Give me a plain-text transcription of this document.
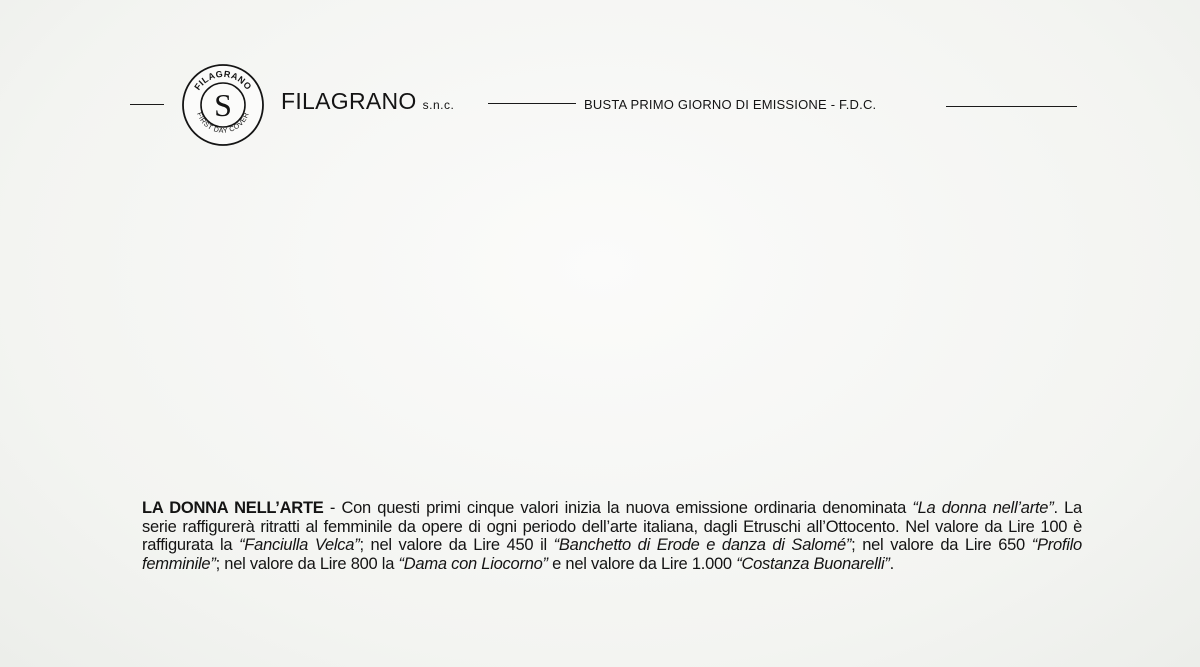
FILAGRANO
FIRST DAY COVER
S FILAGRANO s.n.c.	BUSTA PRIMO GIORNO DI EMISSIONE - F.D.C.
LA DONNA NELL’ARTE - Con questi primi cinque valori inizia la nuova emissione ordinaria denominata “La donna nell’arte”. La serie raffigurerà ritratti al femminile da opere di ogni periodo dell’arte italiana, dagli Etruschi all’Ottocento. Nel valore da Lire 100 è raffigurata la “Fanciulla Velca”; nel valore da Lire 450 il “Banchetto di Erode e danza di Salomé”; nel valore da Lire 650 “Profilo femminile”; nel valore da Lire 800 la “Dama con Liocorno” e nel valore da Lire 1.000 “Costanza Buonarelli”.
